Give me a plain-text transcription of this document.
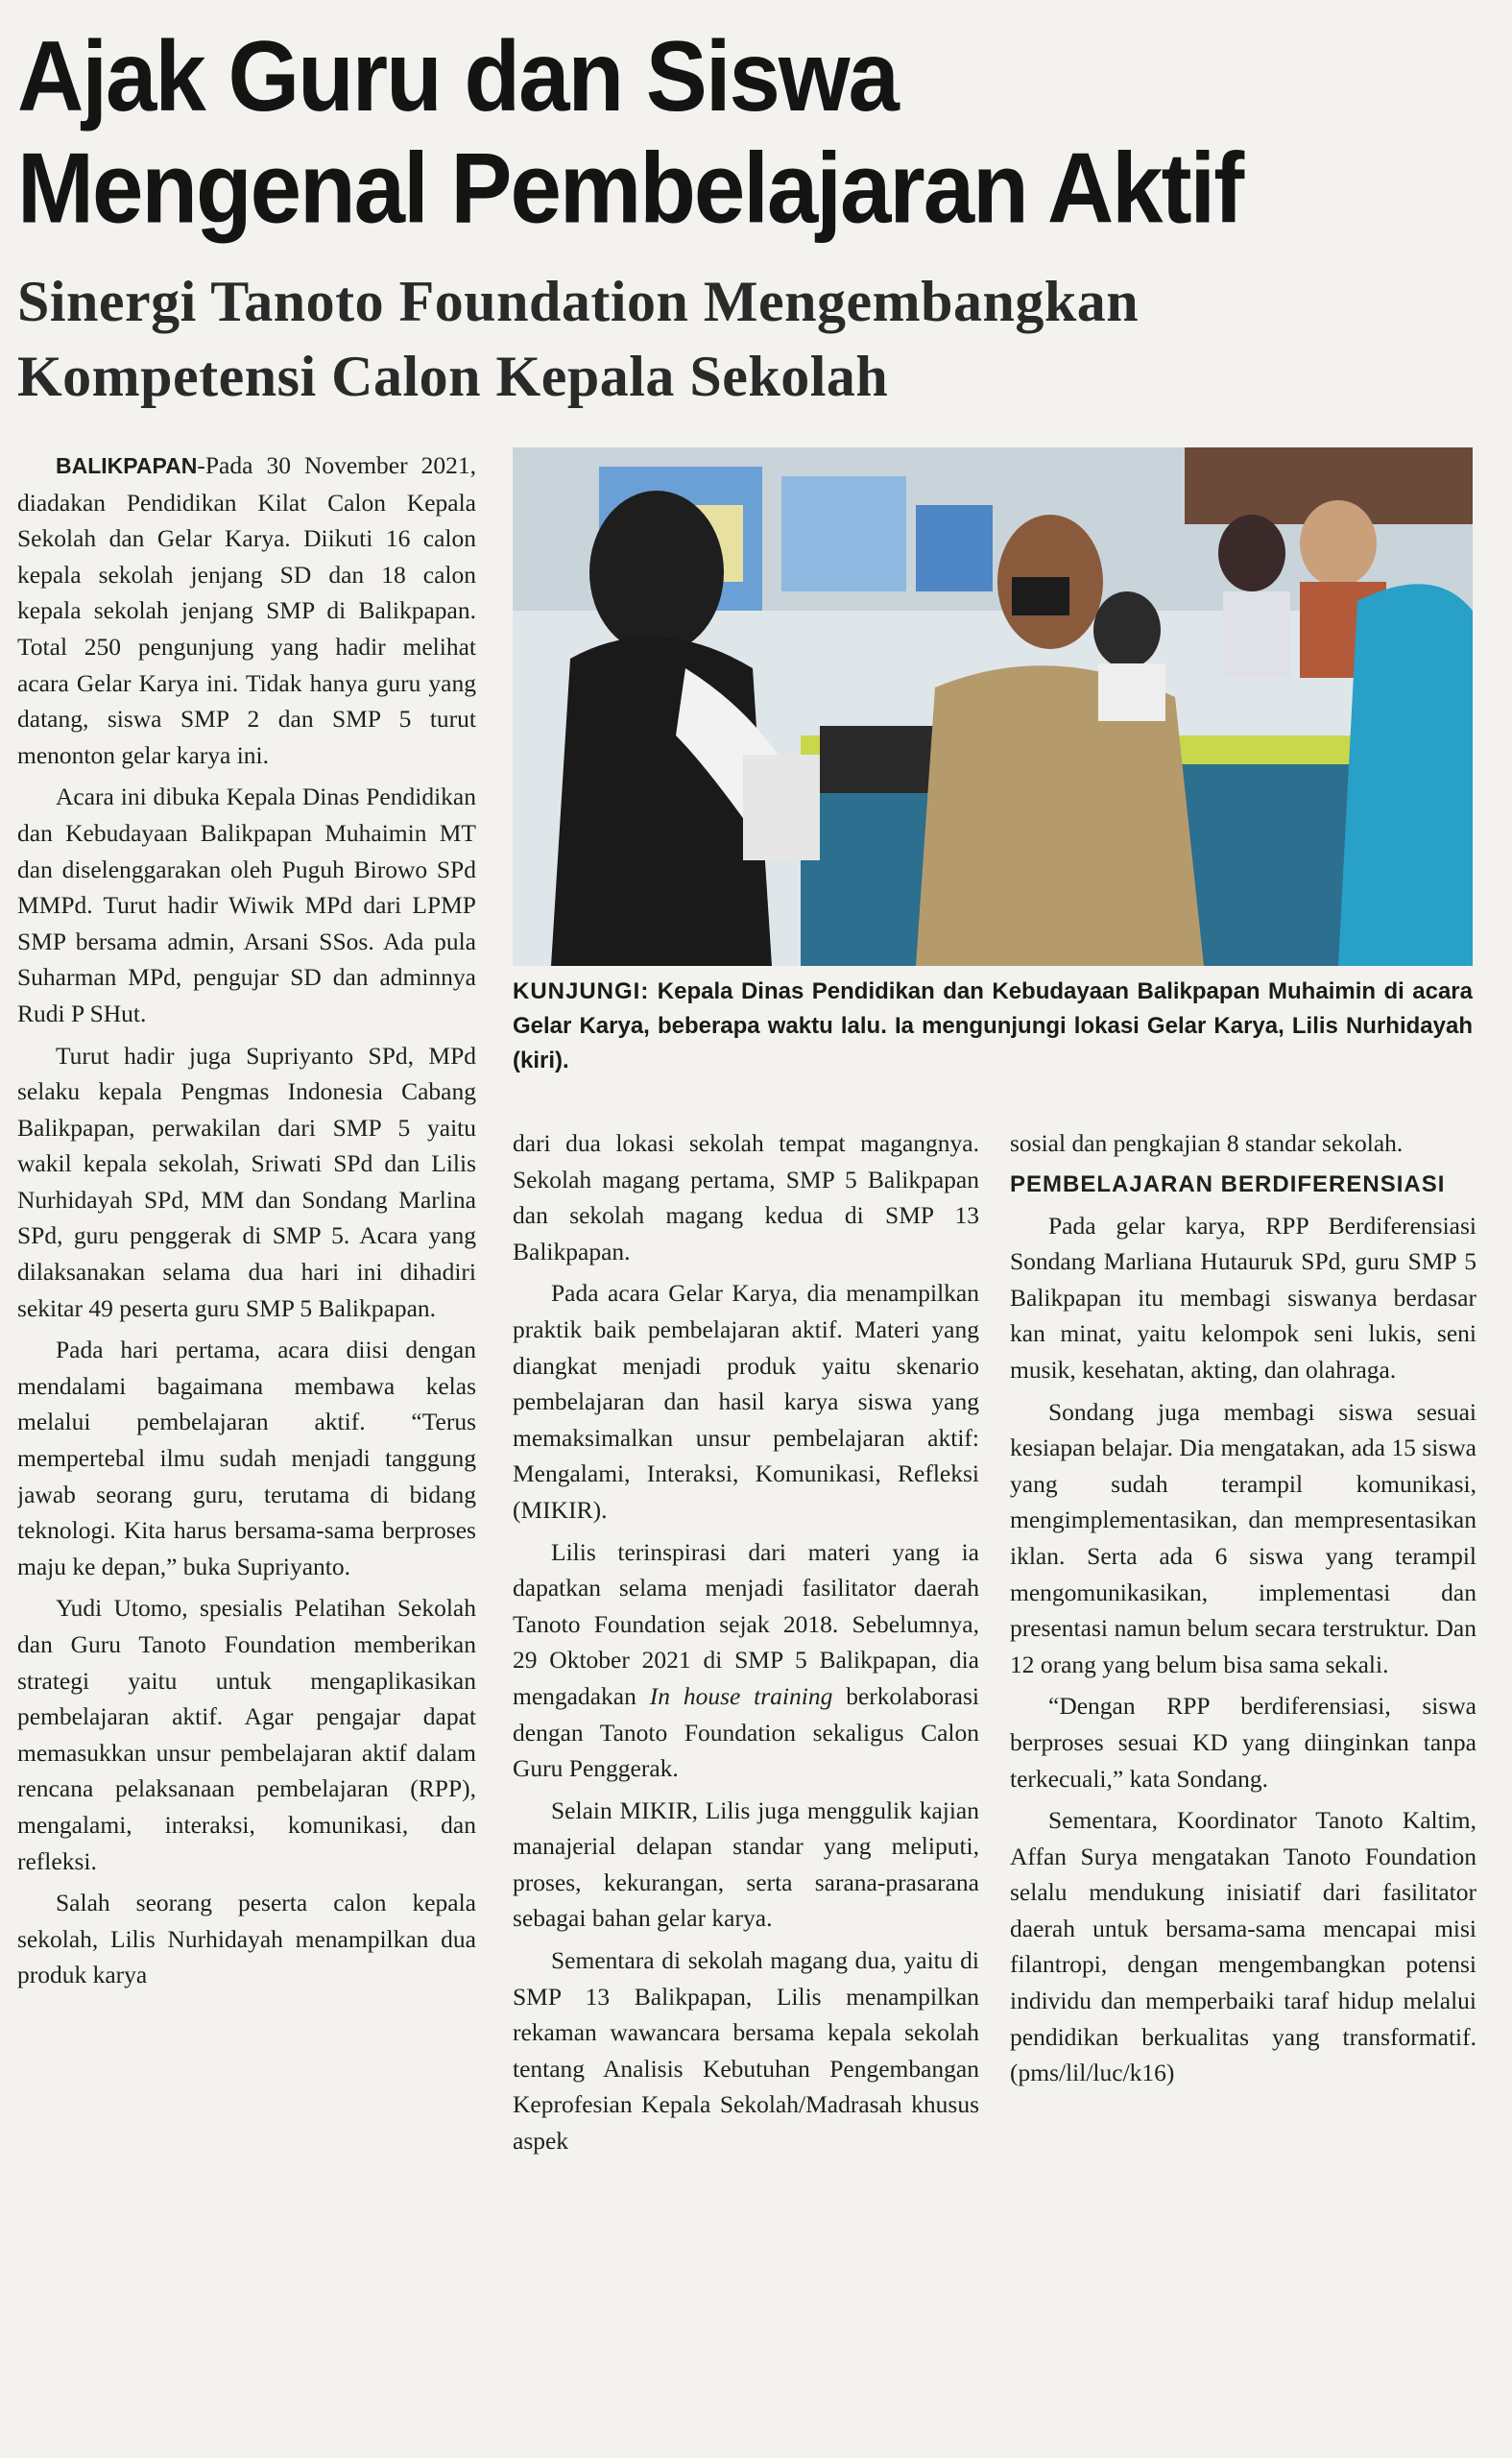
Ajak Guru dan Siswa
Mengenal Pembelajaran Aktif
Sinergi Tanoto Foundation Mengembangkan
Kompetensi Calon Kepala Sekolah

BALIKPAPAN-Pada 30 November 2021, diadakan Pendidikan Kilat Calon Kepala Sekolah dan Gelar Karya. Diikuti 16 calon kepala sekolah jenjang SD dan 18 calon kepala sekolah jenjang SMP di Balikpapan. Total 250 pengunjung yang hadir melihat acara Gelar Karya ini. Tidak hanya guru yang datang, siswa SMP 2 dan SMP 5 turut menonton gelar karya ini.

Acara ini dibuka Kepala Dinas Pendidikan dan Kebudayaan Balikpapan Muhaimin MT dan diselenggarakan oleh Puguh Birowo SPd MMPd. Turut hadir Wiwik MPd dari LPMP SMP bersama admin, Arsani SSos. Ada pula Suharman MPd, pengujar SD dan adminnya Rudi P SHut.

Turut hadir juga Supriyanto SPd, MPd selaku kepala Pengmas Indonesia Cabang Balikpapan, perwakilan dari SMP 5 yaitu wakil kepala sekolah, Sriwati SPd dan Lilis Nurhidayah SPd, MM dan Sondang Marlina SPd, guru penggerak di SMP 5. Acara yang dilaksanakan selama dua hari ini dihadiri sekitar 49 peserta guru SMP 5 Balikpapan.

Pada hari pertama, acara diisi dengan mendalami bagaimana membawa kelas melalui pembelajaran aktif. “Terus mempertebal ilmu sudah menjadi tanggung jawab seorang guru, terutama di bidang teknologi. Kita harus bersama-sama berproses maju ke depan,” buka Supriyanto.

Yudi Utomo, spesialis Pelatihan Sekolah dan Guru Tanoto Foundation memberikan strategi yaitu untuk mengaplikasikan pembelajaran aktif. Agar pengajar dapat memasukkan unsur pembelajaran aktif dalam rencana pelaksanaan pembelajaran (RPP), mengalami, interaksi, komunikasi, dan refleksi.

Salah seorang peserta calon kepala sekolah, Lilis Nurhidayah menampilkan dua produk karya

KUNJUNGI: Kepala Dinas Pendidikan dan Kebudayaan Balikpapan Muhaimin di acara Gelar Karya, beberapa waktu lalu. Ia mengunjungi lokasi Gelar Karya, Lilis Nurhidayah (kiri).

dari dua lokasi sekolah tempat magangnya. Sekolah magang pertama, SMP 5 Balikpapan dan sekolah magang kedua di SMP 13 Balikpapan.

Pada acara Gelar Karya, dia menampilkan praktik baik pembelajaran aktif. Materi yang diangkat menjadi produk yaitu skenario pembelajaran dan hasil karya siswa yang memaksimalkan unsur pembelajaran aktif: Mengalami, Interaksi, Komunikasi, Refleksi (MIKIR).

Lilis terinspirasi dari materi yang ia dapatkan selama menjadi fasilitator daerah Tanoto Foundation sejak 2018. Sebelumnya, 29 Oktober 2021 di SMP 5 Balikpapan, dia mengadakan In house training berkolaborasi dengan Tanoto Foundation sekaligus Calon Guru Penggerak.

Selain MIKIR, Lilis juga menggulik kajian manajerial delapan standar yang meliputi, proses, kekurangan, serta sarana-prasarana sebagai bahan gelar karya.

Sementara di sekolah magang dua, yaitu di SMP 13 Balikpapan, Lilis menampilkan rekaman wawancara bersama kepala sekolah tentang Analisis Kebutuhan Pengembangan Keprofesian Kepala Sekolah/Madrasah khusus aspek

sosial dan pengkajian 8 standar sekolah.

PEMBELAJARAN BERDIFERENSIASI

Pada gelar karya, RPP Berdiferensiasi Sondang Marliana Hutauruk SPd, guru SMP 5 Balikpapan itu membagi siswanya berdasar kan minat, yaitu kelompok seni lukis, seni musik, kesehatan, akting, dan olahraga.

Sondang juga membagi siswa sesuai kesiapan belajar. Dia mengatakan, ada 15 siswa yang sudah terampil komunikasi, mengimplementasikan, dan mempresentasikan iklan. Serta ada 6 siswa yang terampil mengomunikasikan, implementasi dan presentasi namun belum secara terstruktur. Dan 12 orang yang belum bisa sama sekali.

“Dengan RPP berdiferensiasi, siswa berproses sesuai KD yang diinginkan tanpa terkecuali,” kata Sondang.

Sementara, Koordinator Tanoto Kaltim, Affan Surya mengatakan Tanoto Foundation selalu mendukung inisiatif dari fasilitator daerah untuk bersama-sama mencapai misi filantropi, dengan mengembangkan potensi individu dan memperbaiki taraf hidup melalui pendidikan berkualitas yang transformatif. (pms/lil/luc/k16)
